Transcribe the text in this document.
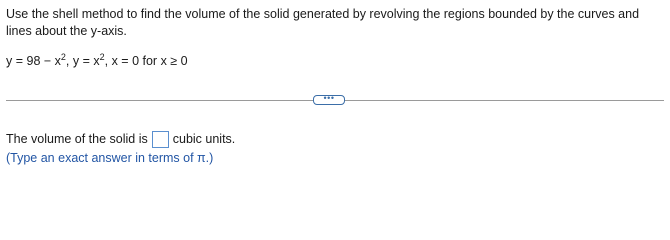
Use the shell method to find the volume of the solid generated by revolving the regions bounded by the curves and lines about the y-axis.
$y = 98 - x^2$, $y = x^2$, x = 0 for x ≥ 0
•••
The volume of the solid is cubic units.
(Type an exact answer in terms of π.)
